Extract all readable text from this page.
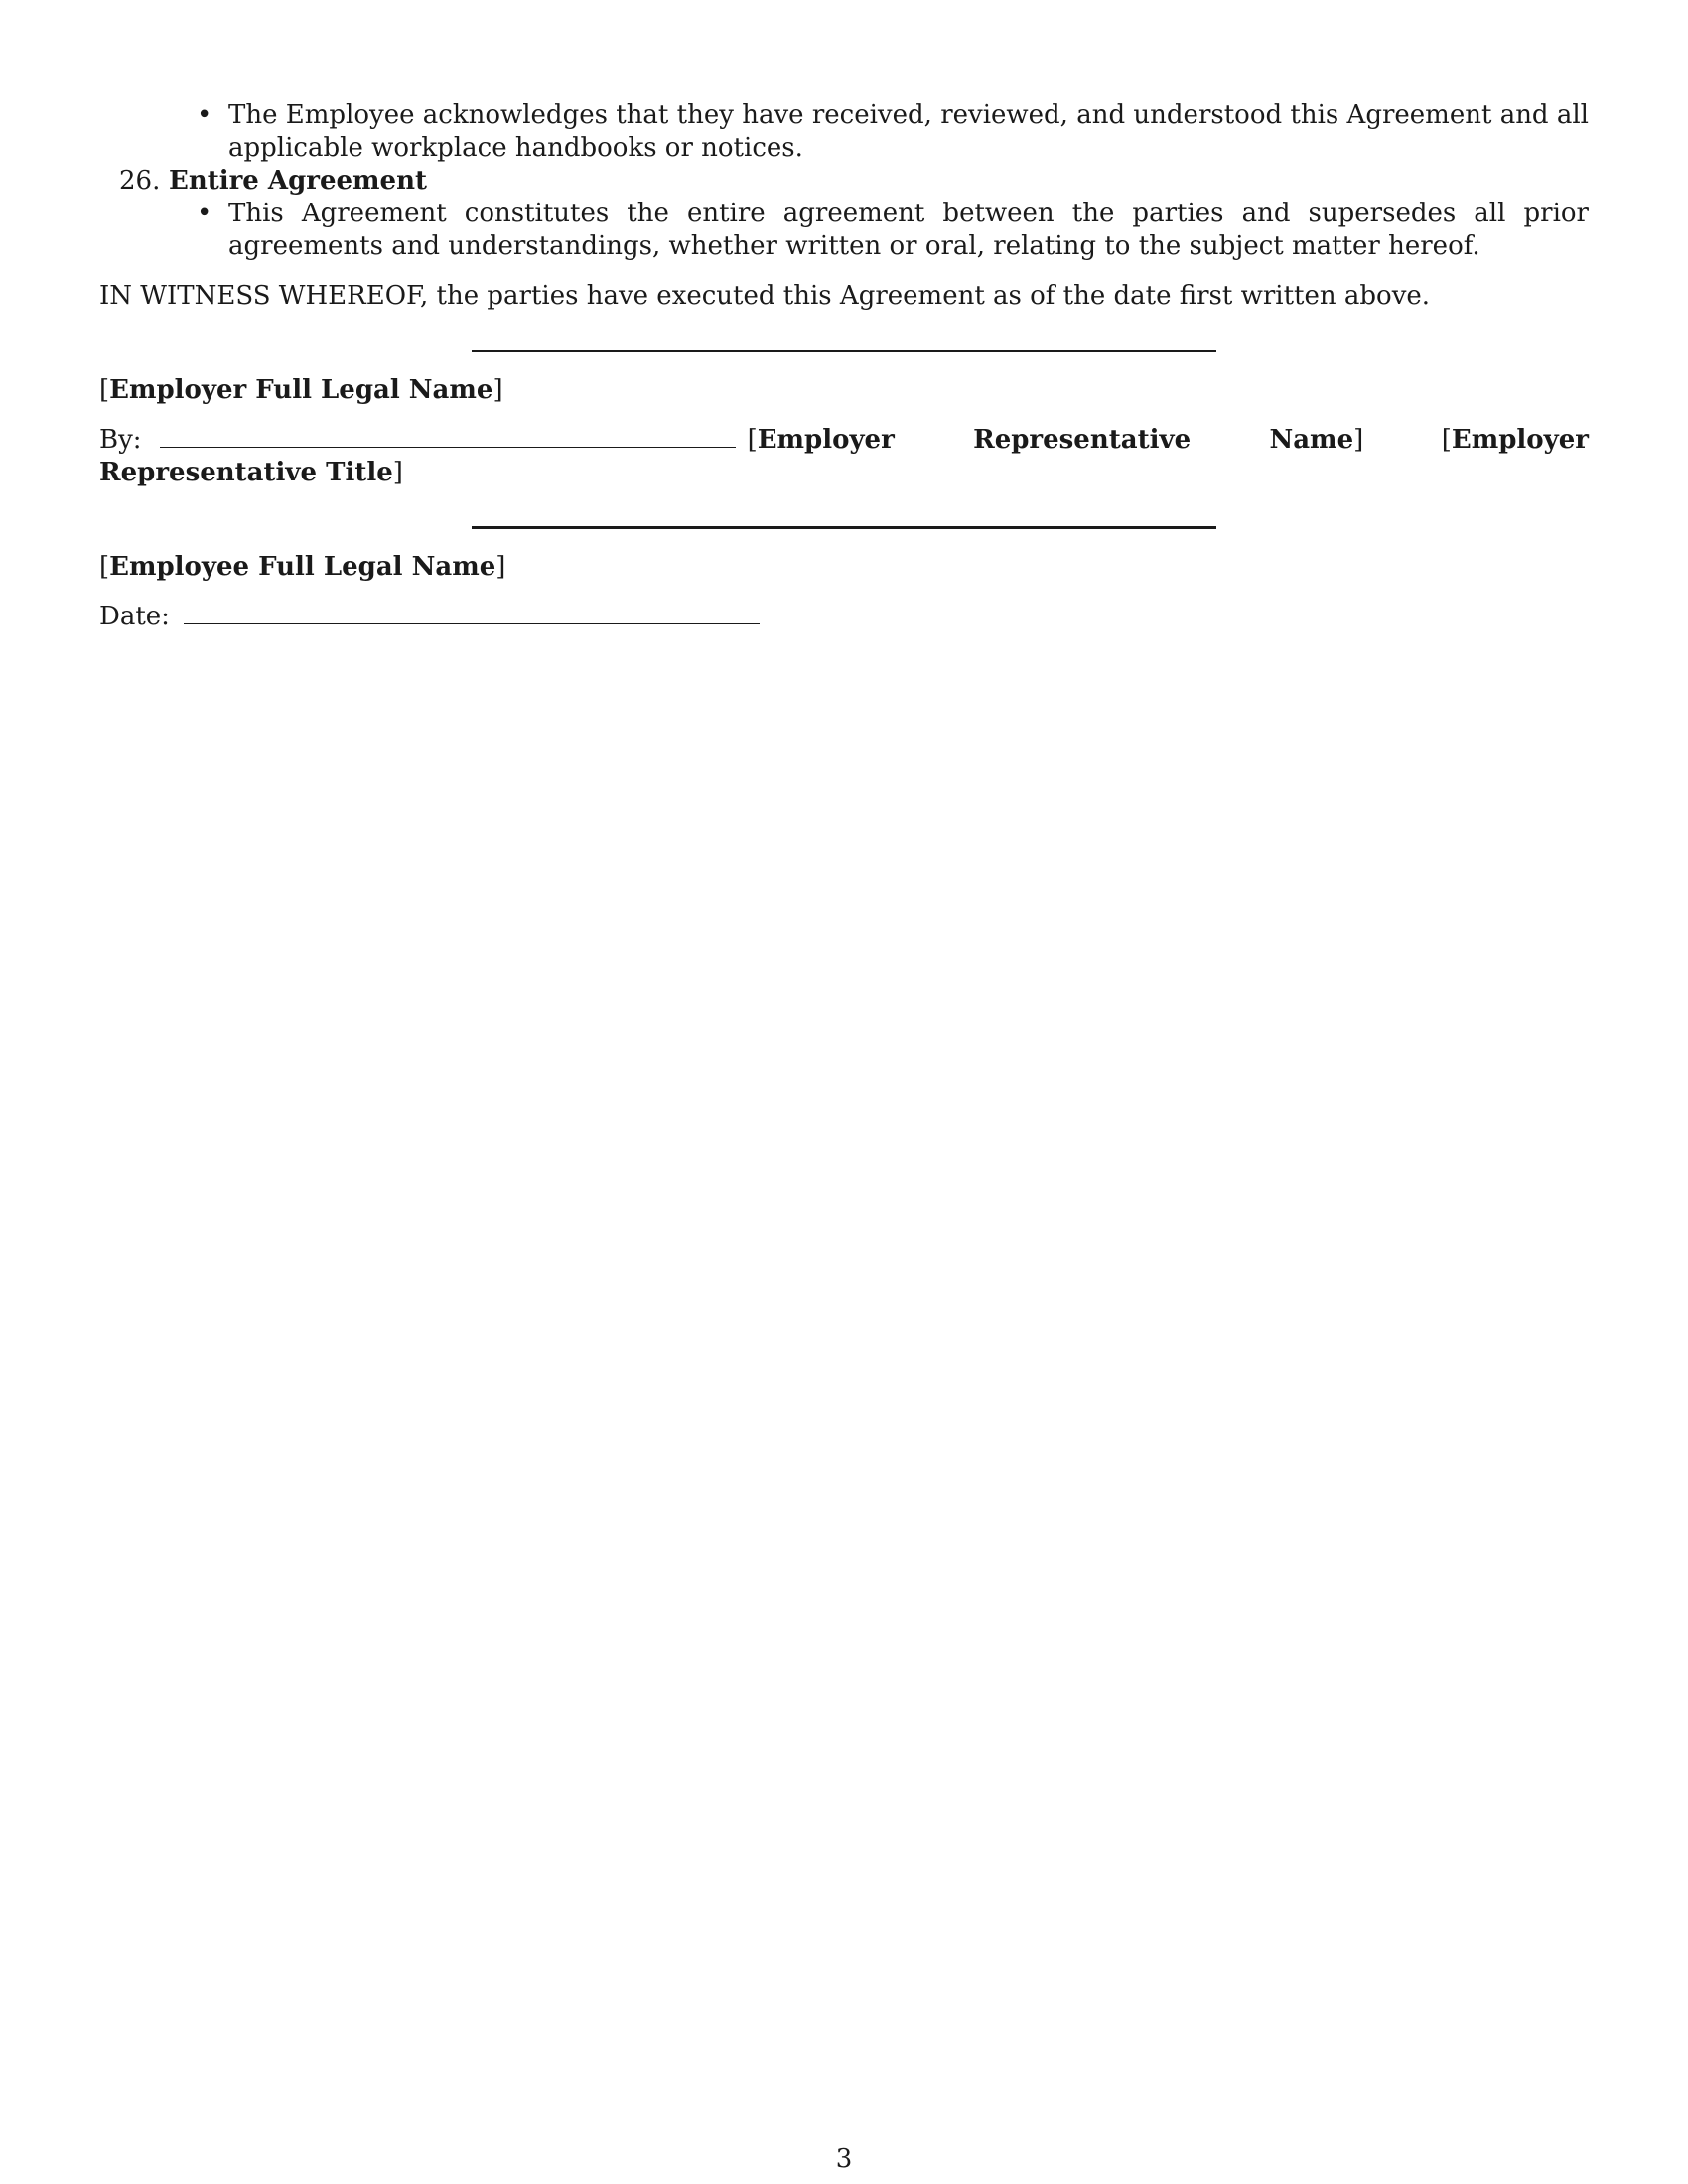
• The Employee acknowledges that they have received, reviewed, and understood this Agreement and all applicable workplace handbooks or notices.
26. Entire Agreement
• This Agreement constitutes the entire agreement between the parties and supersedes all prior agreements and understandings, whether written or oral, relating to the subject matter hereof.
IN WITNESS WHEREOF, the parties have executed this Agreement as of the date first written above.
[Employer Full Legal Name]
By:	[Employer Representative Name] [Employer Representative Title]
[Employee Full Legal Name]
Date:
3
